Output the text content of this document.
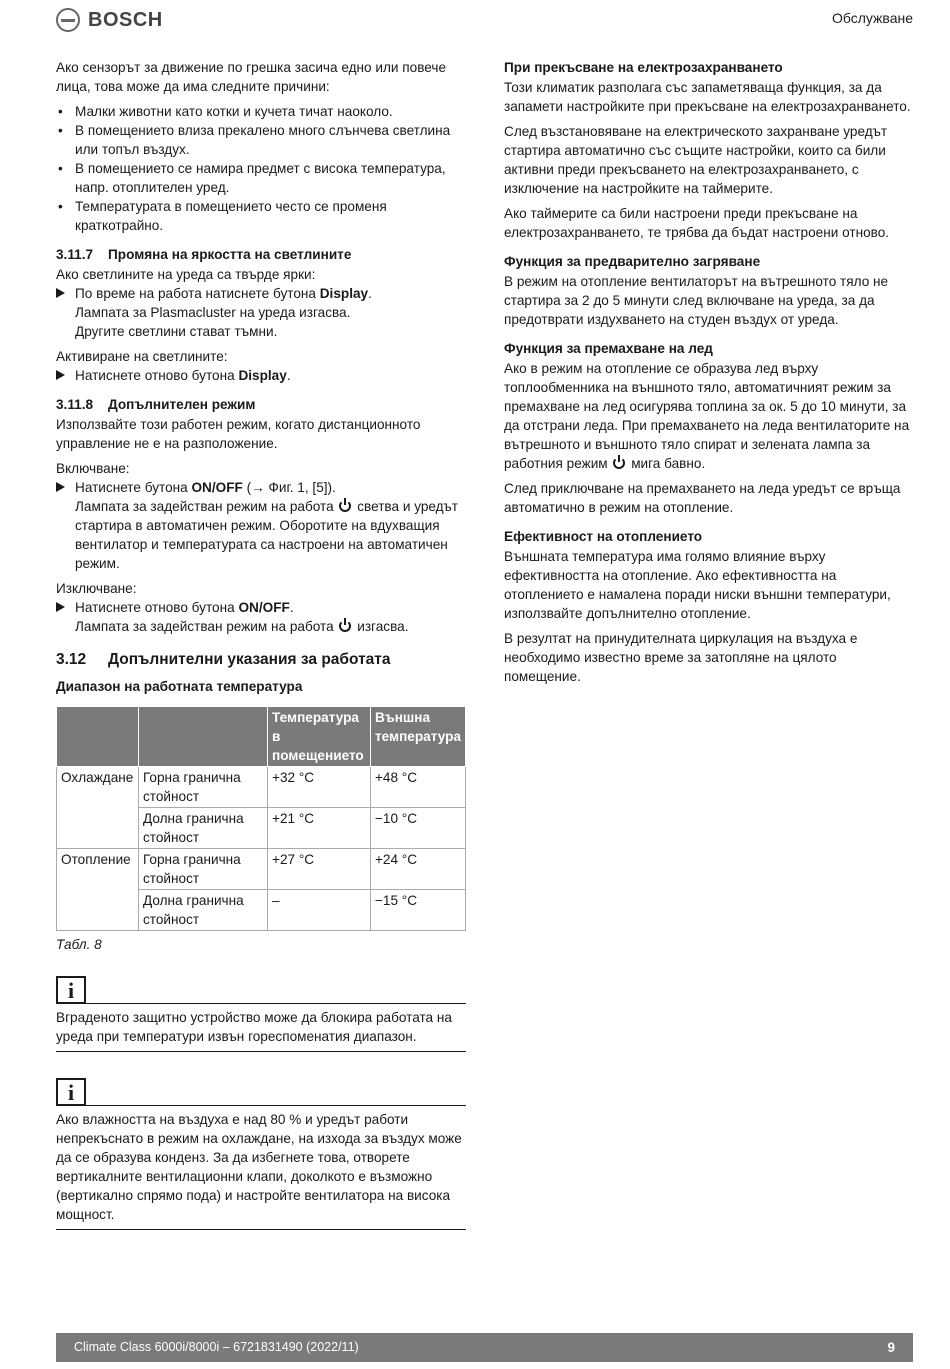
BOSCH	Обслужване

Ако сензорът за движение по грешка засича едно или повече лица, това може да има следните причини:

• Малки животни като котки и кучета тичат наоколо.
• В помещението влиза прекалено много слънчева светлина или топъл въздух.
• В помещението се намира предмет с висока температура, напр. отоплителен уред.
• Температурата в помещението често се променя краткотрайно.
3.11.7 Промяна на яркостта на светлините

Ако светлините на уреда са твърде ярки:

По време на работа натиснете бутона Display.
Лампата за Plasmacluster на уреда изгасва.
Другите светлини стават тъмни.

Активиране на светлините:

Натиснете отново бутона Display.
3.11.8 Допълнителен режим

Използвайте този работен режим, когато дистанционното управление не е на разположение.

Включване:

Натиснете бутона ON/OFF (→ Фиг. 1, [5]).
Лампата за задействан режим на работа  светва и уредът стартира в автоматичен режим. Оборотите на вдухващия вентилатор и температурата са настроени на автоматичен режим.

Изключване:

Натиснете отново бутона ON/OFF.
Лампата за задействан режим на работа  изгасва.
3.12 Допълнителни указания за работата
Диапазон на работната температура
		Температура в помещението	Външна температура
Охлаждане	Горна гранична стойност	+32 °C	+48 °C
	Долна гранична стойност	+21 °C	−10 °C
Отопление	Горна гранична стойност	+27 °C	+24 °C
	Долна гранична стойност	–	−15 °C
Табл. 8
i
Вграденото защитно устройство може да блокира работата на уреда при температури извън гореспоменатия диапазон.
i
Ако влажността на въздуха е над 80 % и уредът работи непрекъснато в режим на охлаждане, на изхода за въздух може да се образува конденз. За да избегнете това, отворете вертикалните вентилационни клапи, доколкото е възможно (вертикално спрямо пода) и настройте вентилатора на висока мощност.
При прекъсване на електрозахранването

Този климатик разполага със запаметяваща функция, за да запамети настройките при прекъсване на електрозахранването.

След възстановяване на електрическото захранване уредът стартира автоматично със същите настройки, които са били активни преди прекъсването на електрозахранването, с изключение на настройките на таймерите.

Ако таймерите са били настроени преди прекъсване на електрозахранването, те трябва да бъдат настроени отново.

Функция за предварително загряване

В режим на отопление вентилаторът на вътрешното тяло не стартира за 2 до 5 минути след включване на уреда, за да предотврати издухването на студен въздух от уреда.

Функция за премахване на лед

Ако в режим на отопление се образува лед върху топлообменника на външното тяло, автоматичният режим за премахване на лед осигурява топлина за ок. 5 до 10 минути, за да отстрани леда. При премахването на леда вентилаторите на вътрешното и външното тяло спират и зелената лампа за работния режим  мига бавно.

След приключване на премахването на леда уредът се връща автоматично в режим на отопление.

Ефективност на отоплението

Външната температура има голямо влияние върху ефективността на отопление. Ако ефективността на отоплението е намалена поради ниски външни температури, използвайте допълнително отопление.

В резултат на принудителната циркулация на въздуха е необходимо известно време за затопляне на цялото помещение.

Climate Class 6000i/8000i – 6721831490 (2022/11)	9
